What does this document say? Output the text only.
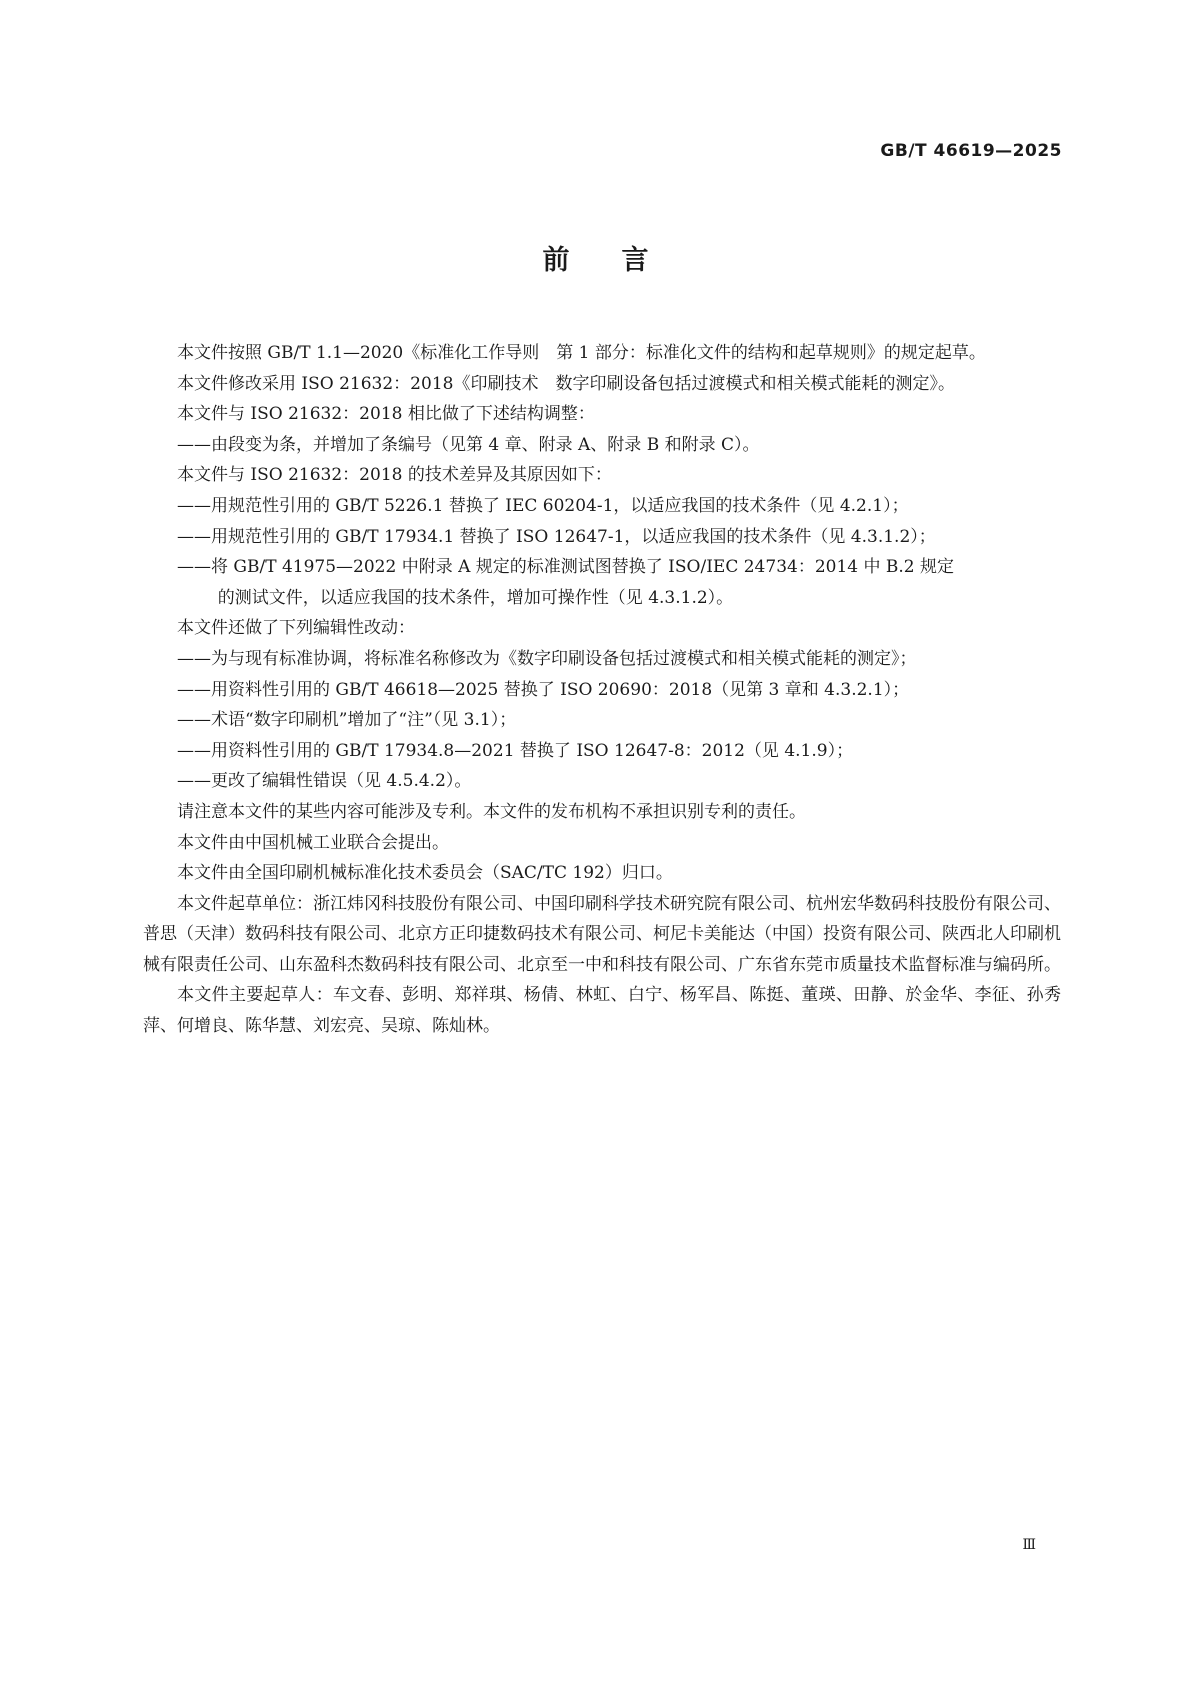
GB/T 46619—2025
前言

本文件按照 GB/T 1.1—2020《标准化工作导则　第 1 部分：标准化文件的结构和起草规则》的规定起草。

本文件修改采用 ISO 21632：2018《印刷技术　数字印刷设备包括过渡模式和相关模式能耗的测定》。

本文件与 ISO 21632：2018 相比做了下述结构调整：

——由段变为条，并增加了条编号（见第 4 章、附录 A、附录 B 和附录 C）。

本文件与 ISO 21632：2018 的技术差异及其原因如下：

——用规范性引用的 GB/T 5226.1 替换了 IEC 60204-1，以适应我国的技术条件（见 4.2.1）；

——用规范性引用的 GB/T 17934.1 替换了 ISO 12647-1，以适应我国的技术条件（见 4.3.1.2）；

——将 GB/T 41975—2022 中附录 A 规定的标准测试图替换了 ISO/IEC 24734：2014 中 B.2 规定

的测试文件，以适应我国的技术条件，增加可操作性（见 4.3.1.2）。

本文件还做了下列编辑性改动：

——为与现有标准协调，将标准名称修改为《数字印刷设备包括过渡模式和相关模式能耗的测定》；

——用资料性引用的 GB/T 46618—2025 替换了 ISO 20690：2018（见第 3 章和 4.3.2.1）；

——术语“数字印刷机”增加了“注”（见 3.1）；

——用资料性引用的 GB/T 17934.8—2021 替换了 ISO 12647-8：2012（见 4.1.9）；

——更改了编辑性错误（见 4.5.4.2）。

请注意本文件的某些内容可能涉及专利。本文件的发布机构不承担识别专利的责任。

本文件由中国机械工业联合会提出。

本文件由全国印刷机械标准化技术委员会（SAC/TC 192）归口。

本文件起草单位：浙江炜冈科技股份有限公司、中国印刷科学技术研究院有限公司、杭州宏华数码科技股份有限公司、普思（天津）数码科技有限公司、北京方正印捷数码技术有限公司、柯尼卡美能达（中国）投资有限公司、陕西北人印刷机械有限责任公司、山东盈科杰数码科技有限公司、北京至一中和科技有限公司、广东省东莞市质量技术监督标准与编码所。

本文件主要起草人：车文春、彭明、郑祥琪、杨倩、林虹、白宁、杨军昌、陈挺、董瑛、田静、於金华、李征、孙秀萍、何增良、陈华慧、刘宏亮、吴琼、陈灿林。

Ⅲ
